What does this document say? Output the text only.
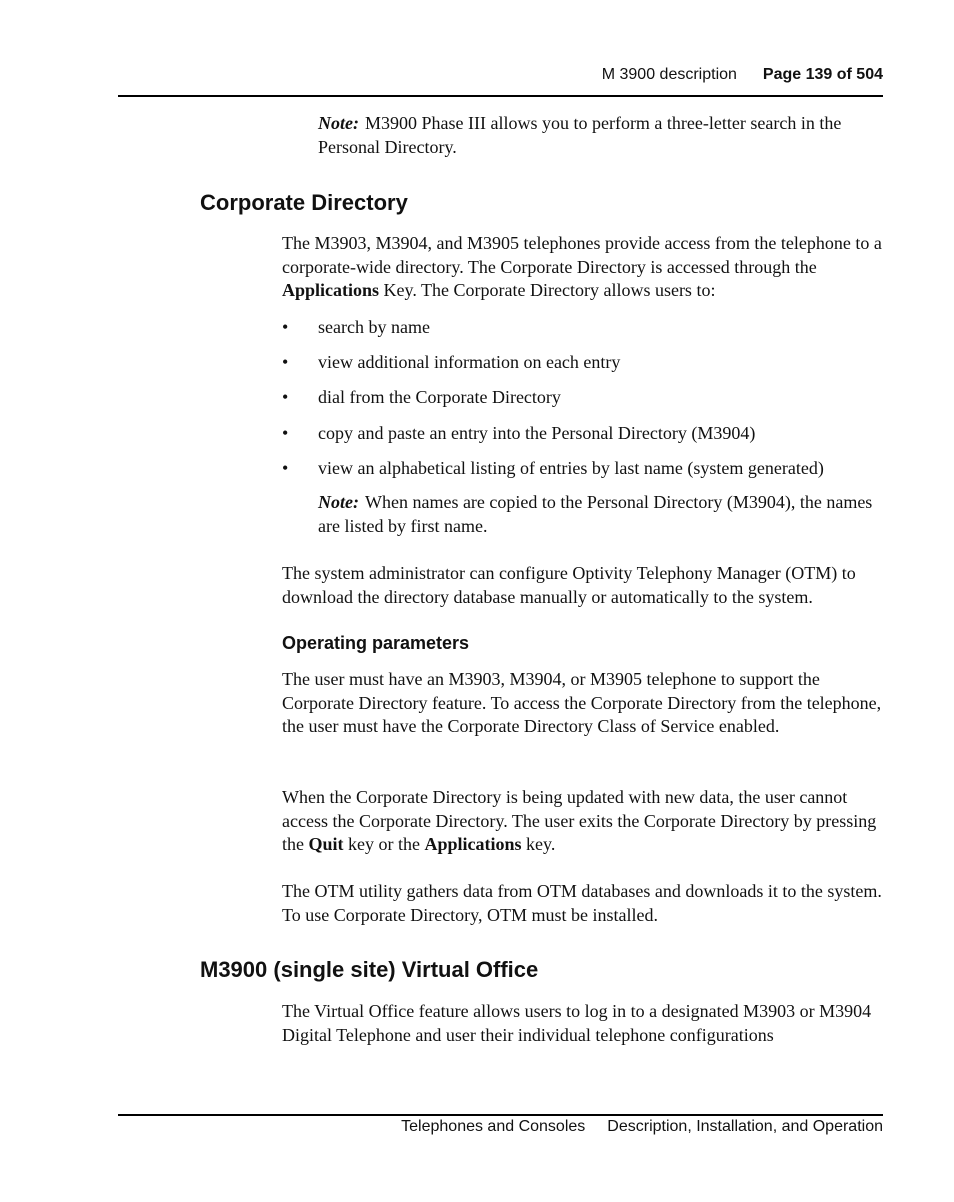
M 3900 description Page 139 of 504
Note: M3900 Phase III allows you to perform a three-letter search in the Personal Directory.
Corporate Directory
The M3903, M3904, and M3905 telephones provide access from the telephone to a corporate-wide directory. The Corporate Directory is accessed through the Applications Key. The Corporate Directory allows users to:
• search by name
• view additional information on each entry
• dial from the Corporate Directory
• copy and paste an entry into the Personal Directory (M3904)
• view an alphabetical listing of entries by last name (system generated)
Note: When names are copied to the Personal Directory (M3904), the names are listed by first name.
The system administrator can configure Optivity Telephony Manager (OTM) to download the directory database manually or automatically to the system.
Operating parameters
The user must have an M3903, M3904, or M3905 telephone to support the Corporate Directory feature. To access the Corporate Directory from the telephone, the user must have the Corporate Directory Class of Service enabled.
When the Corporate Directory is being updated with new data, the user cannot access the Corporate Directory. The user exits the Corporate Directory by pressing the Quit key or the Applications key.
The OTM utility gathers data from OTM databases and downloads it to the system. To use Corporate Directory, OTM must be installed.
M3900 (single site) Virtual Office
The Virtual Office feature allows users to log in to a designated M3903 or M3904 Digital Telephone and user their individual telephone configurations
Telephones and Consoles Description, Installation, and Operation
